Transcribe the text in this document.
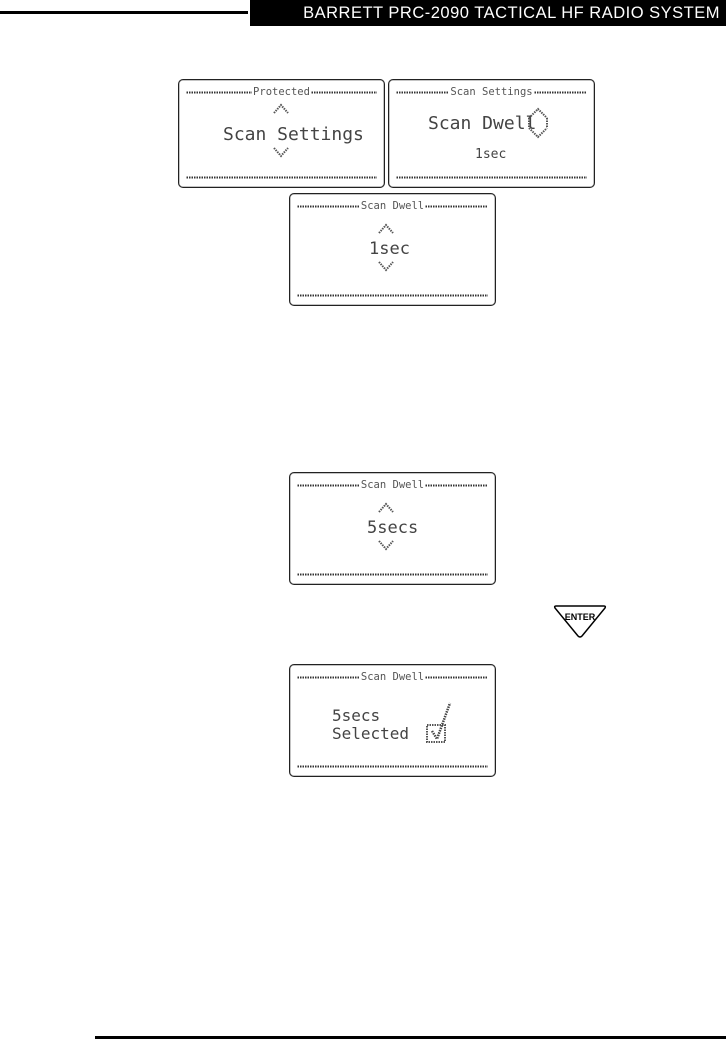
BARRETT PRC-2090 TACTICAL HF RADIO SYSTEM
Protected
Scan Settings
Scan Settings
Scan Dwell
1sec
Scan Dwell
1sec
Scan Dwell
5secs
ENTER
Scan Dwell
5secs
Selected
